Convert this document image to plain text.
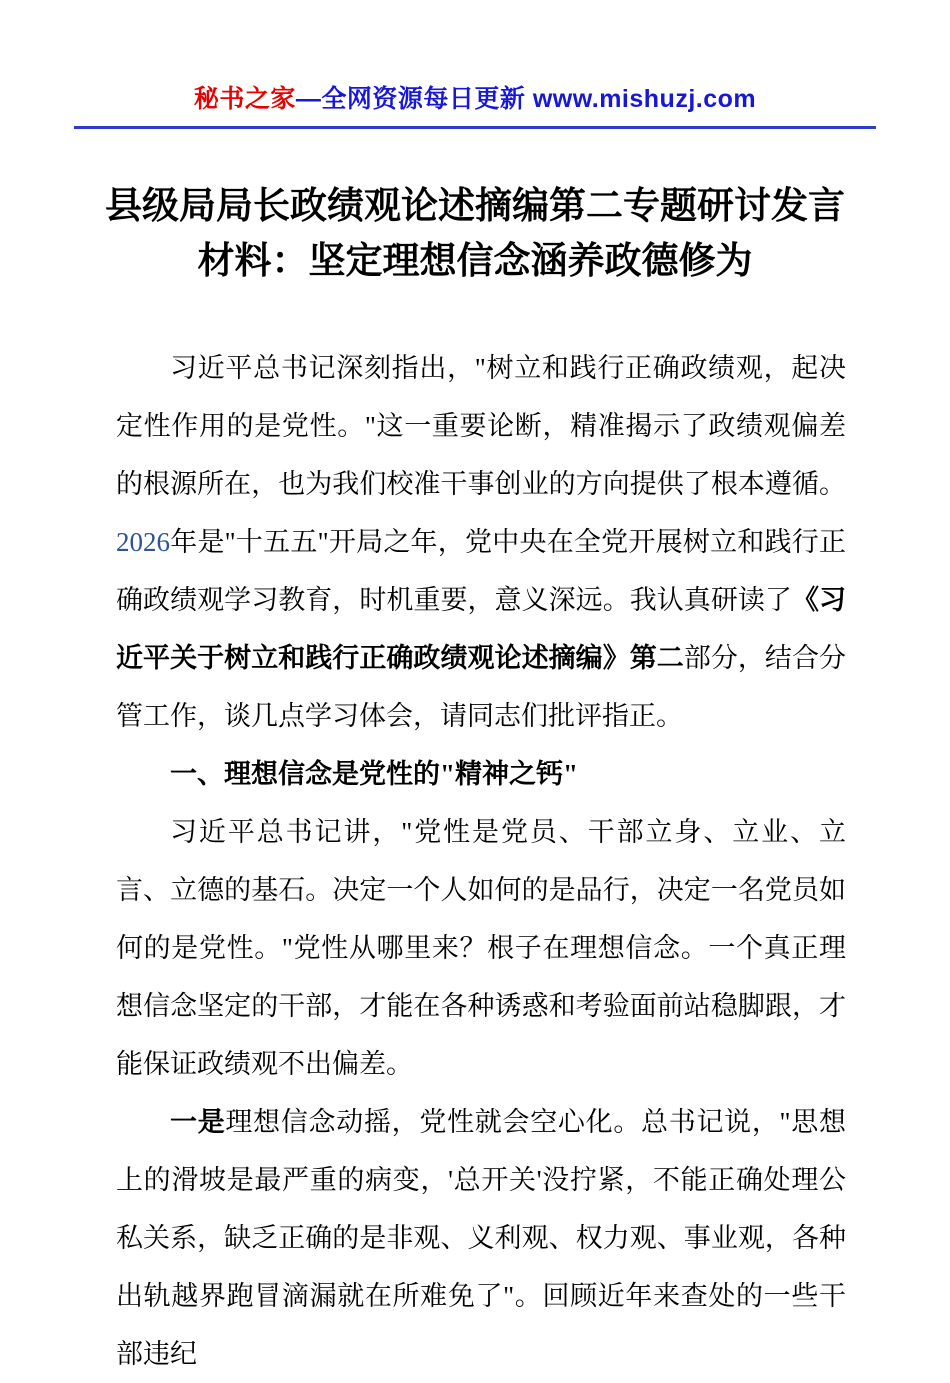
秘书之家—全网资源每日更新 www.mishuzj.com
县级局局长政绩观论述摘编第二专题研讨发言材料：坚定理想信念涵养政德修为

习近平总书记深刻指出，"树立和践行正确政绩观，起决定性作用的是党性。"这一重要论断，精准揭示了政绩观偏差的根源所在，也为我们校准干事创业的方向提供了根本遵循。2026年是"十五五"开局之年，党中央在全党开展树立和践行正确政绩观学习教育，时机重要，意义深远。我认真研读了《习近平关于树立和践行正确政绩观论述摘编》第二部分，结合分管工作，谈几点学习体会，请同志们批评指正。

一、理想信念是党性的"精神之钙"

习近平总书记讲，"党性是党员、干部立身、立业、立言、立德的基石。决定一个人如何的是品行，决定一名党员如何的是党性。"党性从哪里来？根子在理想信念。一个真正理想信念坚定的干部，才能在各种诱惑和考验面前站稳脚跟，才能保证政绩观不出偏差。

一是理想信念动摇，党性就会空心化。总书记说，"思想上的滑坡是最严重的病变，'总开关'没拧紧，不能正确处理公私关系，缺乏正确的是非观、义利观、权力观、事业观，各种出轨越界跑冒滴漏就在所难免了"。回顾近年来查处的一些干部违纪
